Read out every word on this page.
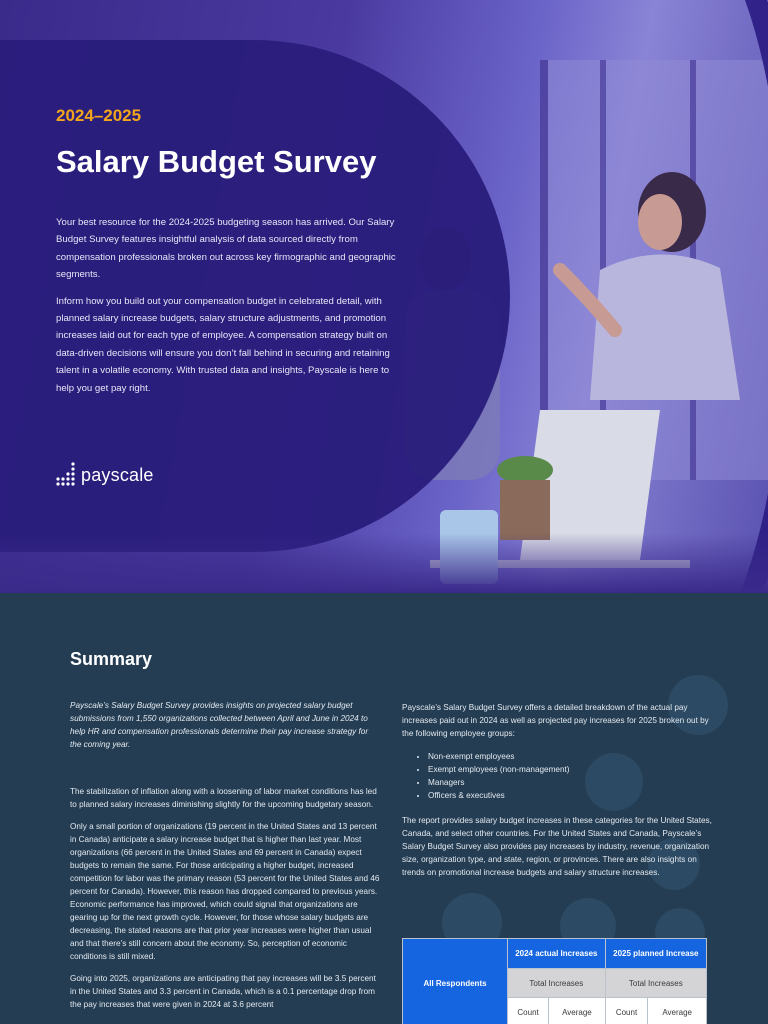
2024–2025
Salary Budget Survey

Your best resource for the 2024-2025 budgeting season has arrived. Our Salary Budget Survey features insightful analysis of data sourced directly from compensation professionals broken out across key firmographic and geographic segments.

Inform how you build out your compensation budget in celebrated detail, with planned salary increase budgets, salary structure adjustments, and promotion increases laid out for each type of employee. A compensation strategy built on data-driven decisions will ensure you don’t fall behind in securing and retaining talent in a volatile economy. With trusted data and insights, Payscale is here to help you get pay right.

payscale
Summary

Payscale’s Salary Budget Survey provides insights on projected salary budget submissions from 1,550 organizations collected between April and June in 2024 to help HR and compensation professionals determine their pay increase strategy for the coming year.

The stabilization of inflation along with a loosening of labor market conditions has led to planned salary increases diminishing slightly for the upcoming budgetary season.

Only a small portion of organizations (19 percent in the United States and 13 percent in Canada) anticipate a salary increase budget that is higher than last year. Most organizations (66 percent in the United States and 69 percent in Canada) expect budgets to remain the same. For those anticipating a higher budget, increased competition for labor was the primary reason (53 percent for the United States and 46 percent for Canada). However, this reason has dropped compared to previous years. Economic performance has improved, which could signal that organizations are gearing up for the next growth cycle. However, for those whose salary budgets are decreasing, the stated reasons are that prior year increases were higher than usual and that there’s still concern about the economy. So, perception of economic conditions is still mixed.

Going into 2025, organizations are anticipating that pay increases will be 3.5 percent in the United States and 3.3 percent in Canada, which is a 0.1 percentage drop from the pay increases that were given in 2024 at 3.6 percent

Payscale’s Salary Budget Survey offers a detailed breakdown of the actual pay increases paid out in 2024 as well as projected pay increases for 2025 broken out by the following employee groups:

• Non-exempt employees
• Exempt employees (non-management)
• Managers
• Officers & executives

The report provides salary budget increases in these categories for the United States, Canada, and select other countries. For the United States and Canada, Payscale’s Salary Budget Survey also provides pay increases by industry, revenue, organization size, organization type, and state, region, or provinces. There are also insights on trends on promotional increase budgets and salary structure increases.

All Respondents	2024 actual Increases		2025 planned Increase	
	Total Increases		Total Increases	
	Count	Average	Count	Average
